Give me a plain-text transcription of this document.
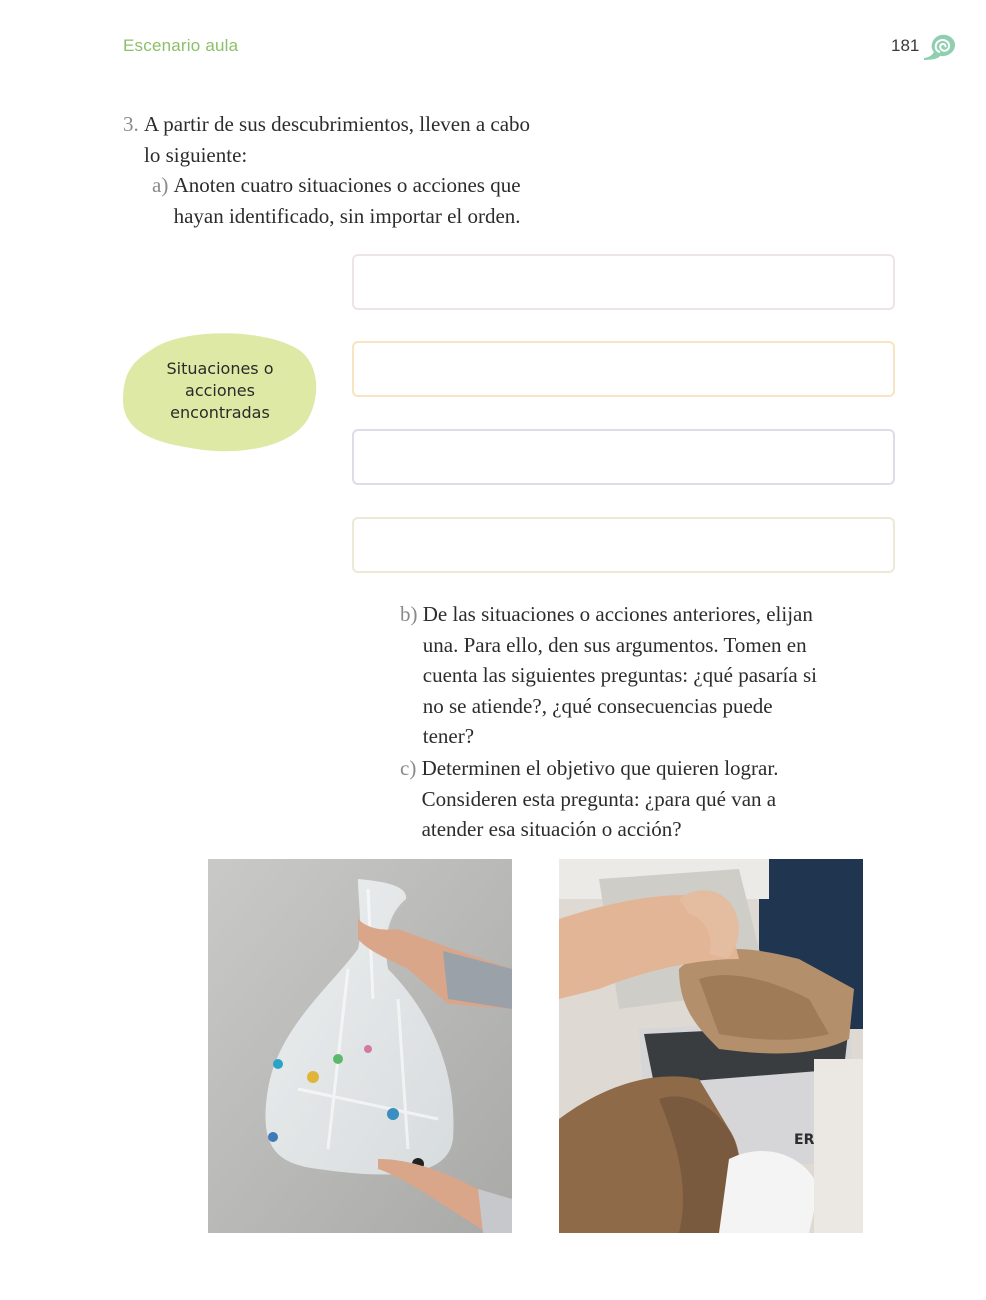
Escenario aula	181
3. A partir de sus descubrimientos, lleven a cabo lo siguiente:
a) Anoten cuatro situaciones o acciones que hayan identificado, sin importar el orden.
Situaciones o acciones encontradas
b) De las situaciones o acciones anteriores, elijan una. Para ello, den sus argumentos. Tomen en cuenta las siguientes preguntas: ¿qué pasaría si no se atiende?, ¿qué consecuencias puede tener?
c) Determinen el objetivo que quieren lograr. Consideren esta pregunta: ¿para qué van a atender esa situación o acción?
ER
